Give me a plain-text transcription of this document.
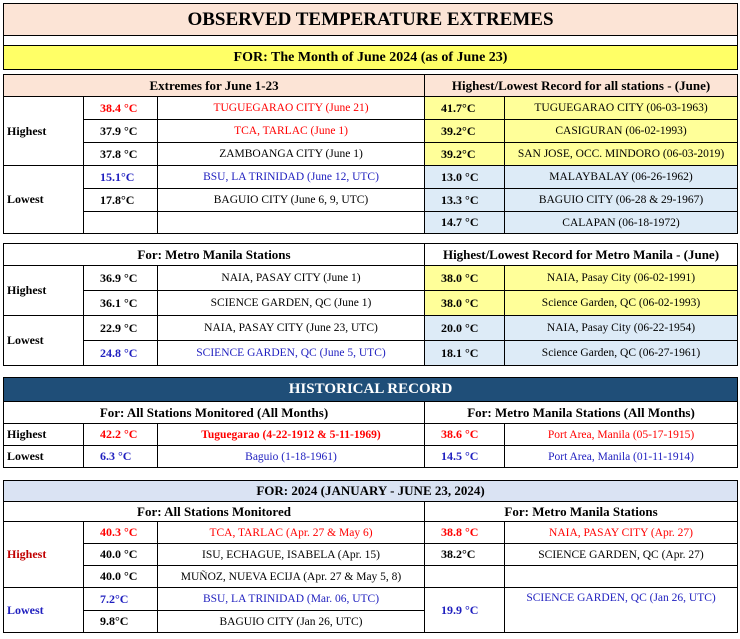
OBSERVED TEMPERATURE EXTREMES

FOR: The Month of June 2024 (as of June 23)
Extremes for June 1-23			Highest/Lowest Record for all stations - (June)	
Highest	38.4 °C	TUGUEGARAO CITY (June 21)	41.7°C	TUGUEGARAO CITY (06-03-1963)
	37.9 °C	TCA, TARLAC (June 1)	39.2°C	CASIGURAN (06-02-1993)
	37.8 °C	ZAMBOANGA CITY (June 1)	39.2°C	SAN JOSE, OCC. MINDORO (06-03-2019)
Lowest	15.1°C	BSU, LA TRINIDAD (June 12, UTC)	13.0 °C	MALAYBALAY (06-26-1962)
	17.8°C	BAGUIO CITY (June 6, 9, UTC)	13.3 °C	BAGUIO CITY (06-28 & 29-1967)
			14.7 °C	CALAPAN (06-18-1972)
For: Metro Manila Stations			Highest/Lowest Record for Metro Manila - (June)	
Highest	36.9 °C	NAIA, PASAY CITY (June 1)	38.0 °C	NAIA, Pasay City (06-02-1991)
	36.1 °C	SCIENCE GARDEN, QC (June 1)	38.0 °C	Science Garden, QC (06-02-1993)
Lowest	22.9 °C	NAIA, PASAY CITY (June 23, UTC)	20.0 °C	NAIA, Pasay City (06-22-1954)
	24.8 °C	SCIENCE GARDEN, QC (June 5, UTC)	18.1 °C	Science Garden, QC (06-27-1961)
HISTORICAL RECORD				
For: All Stations Monitored (All Months)			For: Metro Manila Stations (All Months)	
Highest	42.2 °C	Tuguegarao (4-22-1912 & 5-11-1969)	38.6 °C	Port Area, Manila (05-17-1915)
Lowest	6.3 °C	Baguio (1-18-1961)	14.5 °C	Port Area, Manila (01-11-1914)
FOR: 2024 (JANUARY - JUNE 23, 2024)				
For: All Stations Monitored			For: Metro Manila Stations	
Highest	40.3 °C	TCA, TARLAC (Apr. 27 & May 6)	38.8 °C	NAIA, PASAY CITY (Apr. 27)
	40.0 °C	ISU, ECHAGUE, ISABELA (Apr. 15)	38.2°C	SCIENCE GARDEN, QC (Apr. 27)
	40.0 °C	MUÑOZ, NUEVA ECIJA (Apr. 27 & May 5, 8)		
Lowest	7.2°C	BSU, LA TRINIDAD (Mar. 06, UTC)	19.9 °C	SCIENCE GARDEN, QC (Jan 26, UTC)
	9.8°C	BAGUIO CITY (Jan 26, UTC)		
